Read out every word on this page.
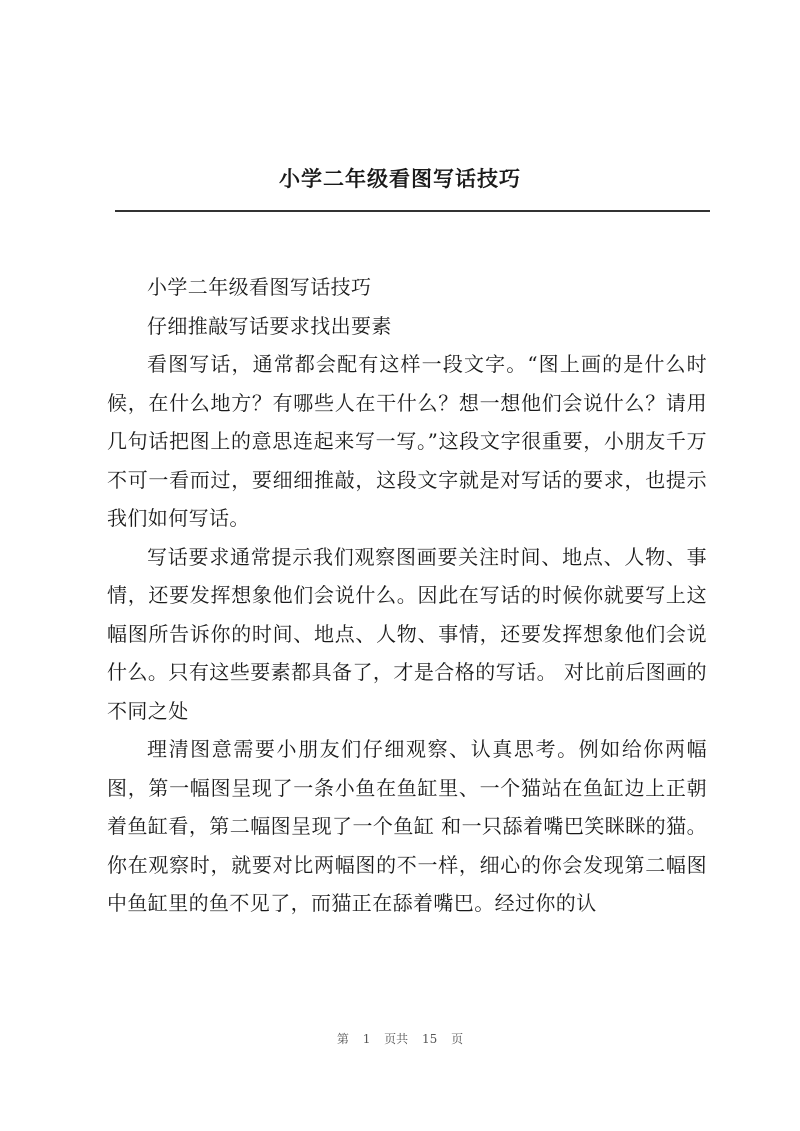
小学二年级看图写话技巧

小学二年级看图写话技巧

仔细推敲写话要求找出要素

看图写话，通常都会配有这样一段文字。“图上画的是什么时候，在什么地方？有哪些人在干什么？想一想他们会说什么？请用几句话把图上的意思连起来写一写。”这段文字很重要，小朋友千万不可一看而过，要细细推敲，这段文字就是对写话的要求，也提示我们如何写话。

写话要求通常提示我们观察图画要关注时间、地点、人物、事情，还要发挥想象他们会说什么。因此在写话的时候你就要写上这幅图所告诉你的时间、地点、人物、事情，还要发挥想象他们会说什么。只有这些要素都具备了，才是合格的写话。 对比前后图画的不同之处

理清图意需要小朋友们仔细观察、认真思考。例如给你两幅图，第一幅图呈现了一条小鱼在鱼缸里、一个猫站在鱼缸边上正朝着鱼缸看，第二幅图呈现了一个鱼缸 和一只舔着嘴巴笑眯眯的猫。你在观察时，就要对比两幅图的不一样，细心的你会发现第二幅图中鱼缸里的鱼不见了，而猫正在舔着嘴巴。经过你的认

第 1 页共 15 页
